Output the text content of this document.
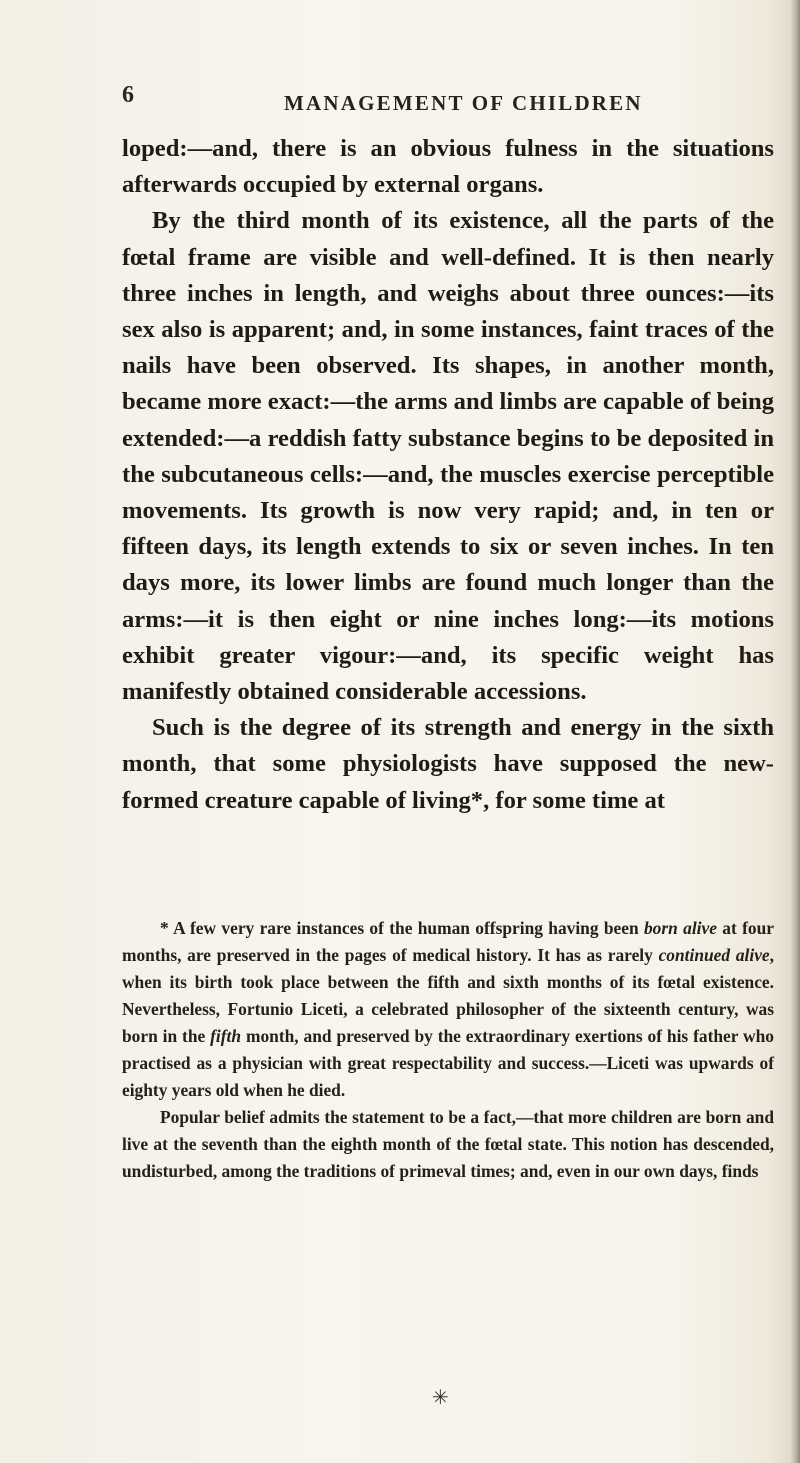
6	MANAGEMENT OF CHILDREN

loped:—and, there is an obvious fulness in the situations afterwards occupied by external organs.

By the third month of its existence, all the parts of the fœtal frame are visible and well-defined. It is then nearly three inches in length, and weighs about three ounces:—its sex also is apparent; and, in some instances, faint traces of the nails have been observed. Its shapes, in another month, became more exact:—the arms and limbs are capable of being extended:—a reddish fatty substance begins to be deposited in the subcutaneous cells:—and, the muscles exercise perceptible movements. Its growth is now very rapid; and, in ten or fifteen days, its length extends to six or seven inches. In ten days more, its lower limbs are found much longer than the arms:—it is then eight or nine inches long:—its motions exhibit greater vigour:—and, its specific weight has manifestly obtained considerable accessions.

Such is the degree of its strength and energy in the sixth month, that some physiologists have supposed the new-formed creature capable of living*, for some time at

* A few very rare instances of the human offspring having been born alive at four months, are preserved in the pages of medical history. It has as rarely continued alive, when its birth took place between the fifth and sixth months of its fœtal existence. Nevertheless, Fortunio Liceti, a celebrated philosopher of the sixteenth century, was born in the fifth month, and preserved by the extraordinary exertions of his father who practised as a physician with great respectability and success.—Liceti was upwards of eighty years old when he died.

Popular belief admits the statement to be a fact,—that more children are born and live at the seventh than the eighth month of the fœtal state. This notion has descended, undisturbed, among the traditions of primeval times; and, even in our own days, finds

✳
